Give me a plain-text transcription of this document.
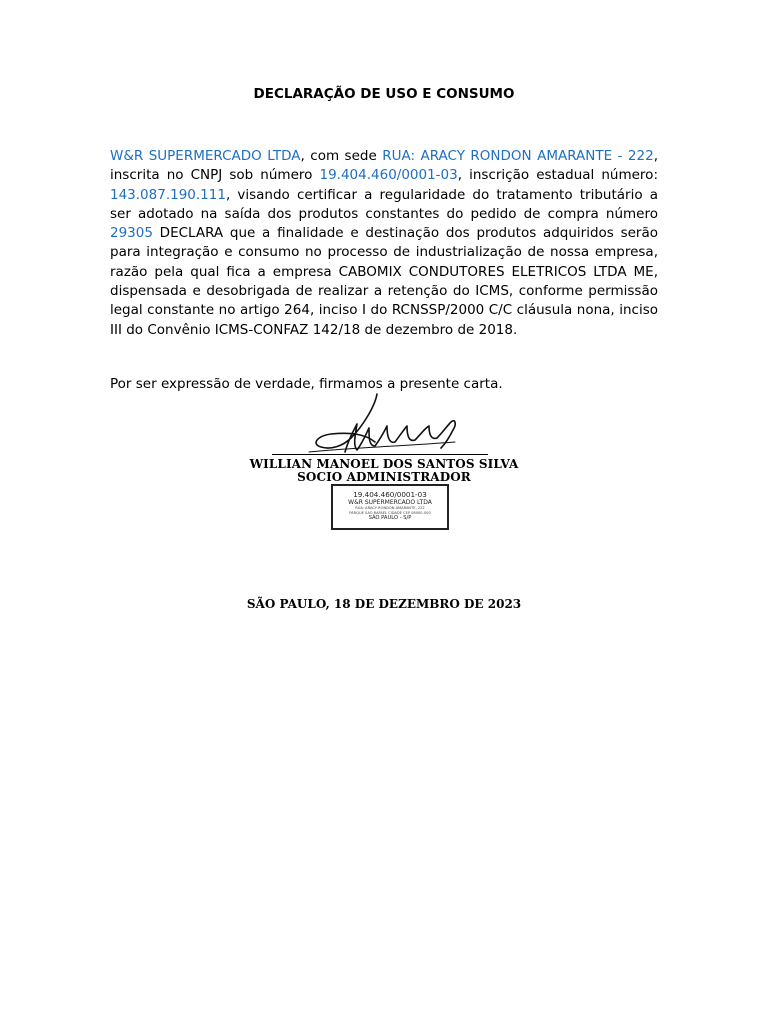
DECLARAÇÃO DE USO E CONSUMO

W&R SUPERMERCADO LTDA, com sede RUA: ARACY RONDON AMARANTE - 222, inscrita no CNPJ sob número 19.404.460/0001-03, inscrição estadual número: 143.087.190.111, visando certificar a regularidade do tratamento tributário a ser adotado na saída dos produtos constantes do pedido de compra número 29305 DECLARA que a finalidade e destinação dos produtos adquiridos serão para integração e consumo no processo de industrialização de nossa empresa, razão pela qual fica a empresa CABOMIX CONDUTORES ELETRICOS LTDA ME, dispensada e desobrigada de realizar a retenção do ICMS, conforme permissão legal constante no artigo 264, inciso I do RCNSSP/2000 C/C cláusula nona, inciso III do Convênio ICMS-CONFAZ 142/18 de dezembro de 2018.

Por ser expressão de verdade, firmamos a presente carta.
WILLIAN MANOEL DOS SANTOS SILVA
SOCIO ADMINISTRADOR
19.404.460/0001-03
W&R SUPERMERCADO LTDA
RUA: ARACY RONDON AMARANTE, 222
PARQUE SAO RAFAEL CIDADE CEP 08000-000
SÃO PAULO - S/P
SÃO PAULO, 18 DE DEZEMBRO DE 2023
